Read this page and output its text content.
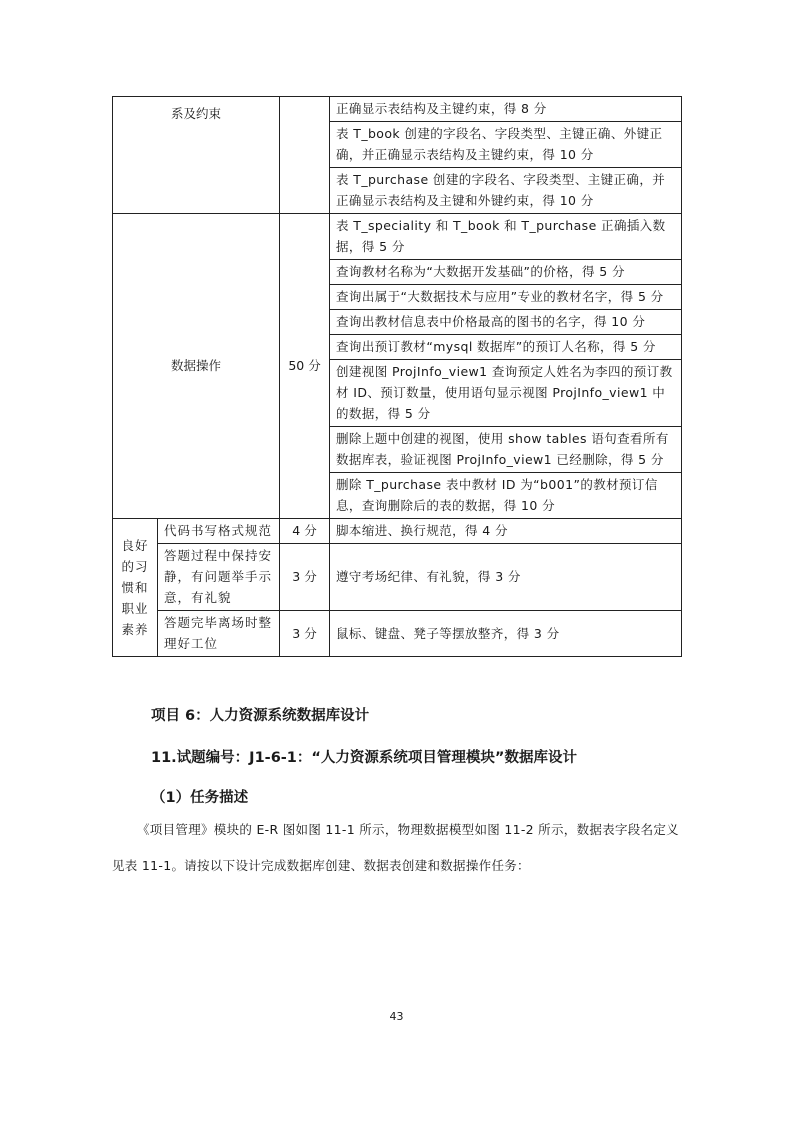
系及约束			正确显示表结构及主键约束，得 8 分
			表 T_book 创建的字段名、字段类型、主键正确、外键正确，并正确显示表结构及主键约束，得 10 分
			表 T_purchase 创建的字段名、字段类型、主键正确，并正确显示表结构及主键和外键约束，得 10 分
数据操作		50 分	表 T_speciality 和 T_book 和 T_purchase 正确插入数据，得 5 分
			查询教材名称为“大数据开发基础”的价格，得 5 分
			查询出属于“大数据技术与应用”专业的教材名字，得 5 分
			查询出教材信息表中价格最高的图书的名字，得 10 分
			查询出预订教材“mysql 数据库”的预订人名称，得 5 分
			创建视图 ProjInfo_view1 查询预定人姓名为李四的预订教材 ID、预订数量，使用语句显示视图 ProjInfo_view1 中的数据，得 5 分
			删除上题中创建的视图，使用 show tables 语句查看所有数据库表，验证视图 ProjInfo_view1 已经删除，得 5 分
			删除 T_purchase 表中教材 ID 为“b001”的教材预订信息，查询删除后的表的数据，得 10 分
良好的习惯和职业素养	代码书写格式规范	4 分	脚本缩进、换行规范，得 4 分
	答题过程中保持安静，有问题举手示意，有礼貌	3 分	遵守考场纪律、有礼貌，得 3 分
	答题完毕离场时整理好工位	3 分	鼠标、键盘、凳子等摆放整齐，得 3 分
项目 6：人力资源系统数据库设计
11.试题编号：J1-6-1：“人力资源系统项目管理模块”数据库设计
（1）任务描述
《项目管理》模块的 E-R 图如图 11-1 所示，物理数据模型如图 11-2 所示，数据表字段名定义见表 11-1。请按以下设计完成数据库创建、数据表创建和数据操作任务：
43
